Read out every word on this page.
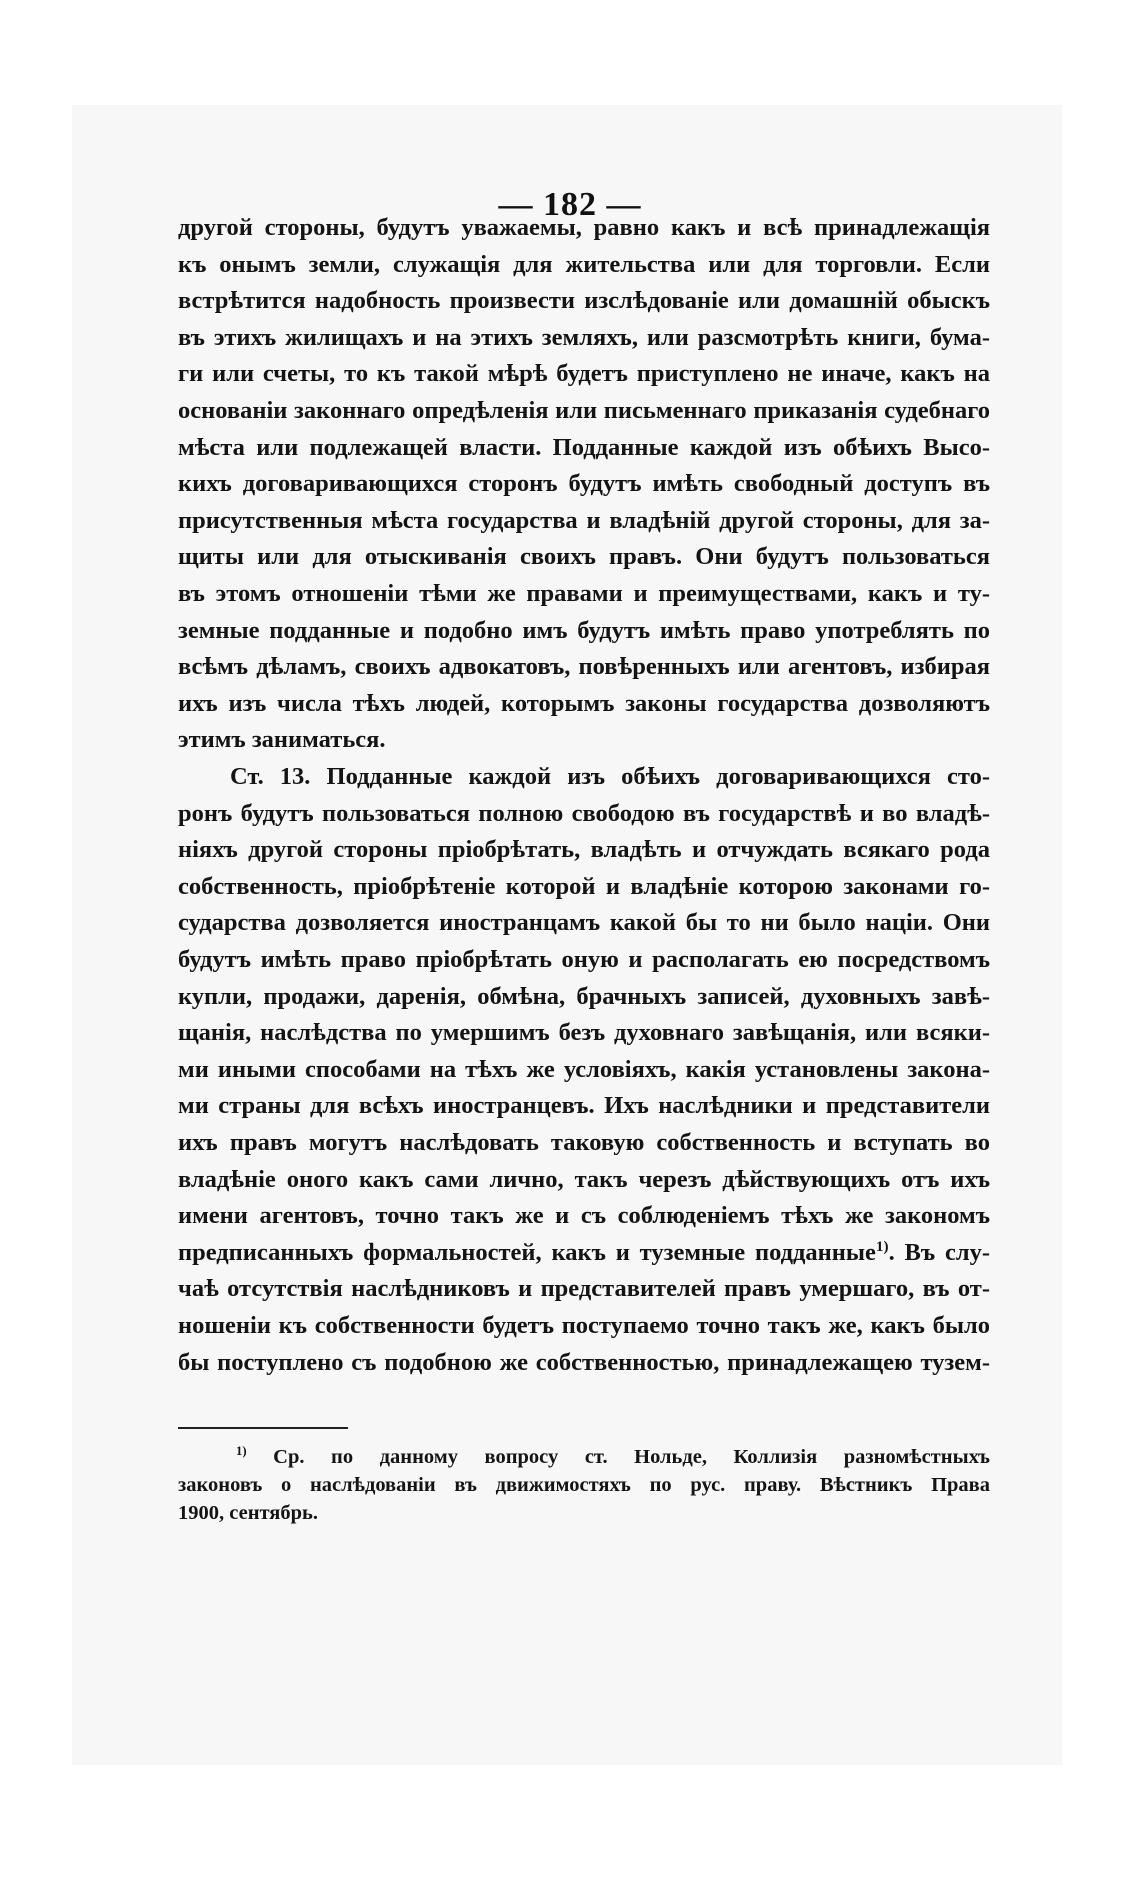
— 182 —
другой стороны, будутъ уважаемы, равно какъ и всѣ принадлежащія
къ онымъ земли, служащія для жительства или для торговли. Если
встрѣтится надобность произвести изслѣдованіе или домашній обыскъ
въ этихъ жилищахъ и на этихъ земляхъ, или разсмотрѣть книги, бума-
ги или счеты, то къ такой мѣрѣ будетъ приступлено не иначе, какъ на
основаніи законнаго опредѣленія или письменнаго приказанія судебнаго
мѣста или подлежащей власти. Подданные каждой изъ обѣихъ Высо-
кихъ договаривающихся сторонъ будутъ имѣть свободный доступъ въ
присутственныя мѣста государства и владѣній другой стороны, для за-
щиты или для отыскиванія своихъ правъ. Они будутъ пользоваться
въ этомъ отношеніи тѣми же правами и преимуществами, какъ и ту-
земные подданные и подобно имъ будутъ имѣть право употреблять по
всѣмъ дѣламъ, своихъ адвокатовъ, повѣренныхъ или агентовъ, избирая
ихъ изъ числа тѣхъ людей, которымъ законы государства дозволяютъ
этимъ заниматься.
Ст. 13. Подданные каждой изъ обѣихъ договаривающихся сто-
ронъ будутъ пользоваться полною свободою въ государствѣ и во владѣ-
ніяхъ другой стороны пріобрѣтать, владѣть и отчуждать всякаго рода
собственность, пріобрѣтеніе которой и владѣніе которою законами го-
сударства дозволяется иностранцамъ какой бы то ни было націи. Они
будутъ имѣть право пріобрѣтать оную и располагать ею посредствомъ
купли, продажи, даренія, обмѣна, брачныхъ записей, духовныхъ завѣ-
щанія, наслѣдства по умершимъ безъ духовнаго завѣщанія, или всяки-
ми иными способами на тѣхъ же условіяхъ, какія установлены закона-
ми страны для всѣхъ иностранцевъ. Ихъ наслѣдники и представители
ихъ правъ могутъ наслѣдовать таковую собственность и вступать во
владѣніе оного какъ сами лично, такъ черезъ дѣйствующихъ отъ ихъ
имени агентовъ, точно такъ же и съ соблюденіемъ тѣхъ же закономъ
предписанныхъ формальностей, какъ и туземные подданные$^{1)}$. Въ слу-
чаѣ отсутствія наслѣдниковъ и представителей правъ умершаго, въ от-
ношеніи къ собственности будетъ поступаемо точно такъ же, какъ было
бы поступлено съ подобною же собственностью, принадлежащею тузем-
$^{1)}$ Ср. по данному вопросу ст. Нольде, Коллизія разномѣстныхъ
законовъ о наслѣдованіи въ движимостяхъ по рус. праву. Вѣстникъ Права
1900, сентябрь.
